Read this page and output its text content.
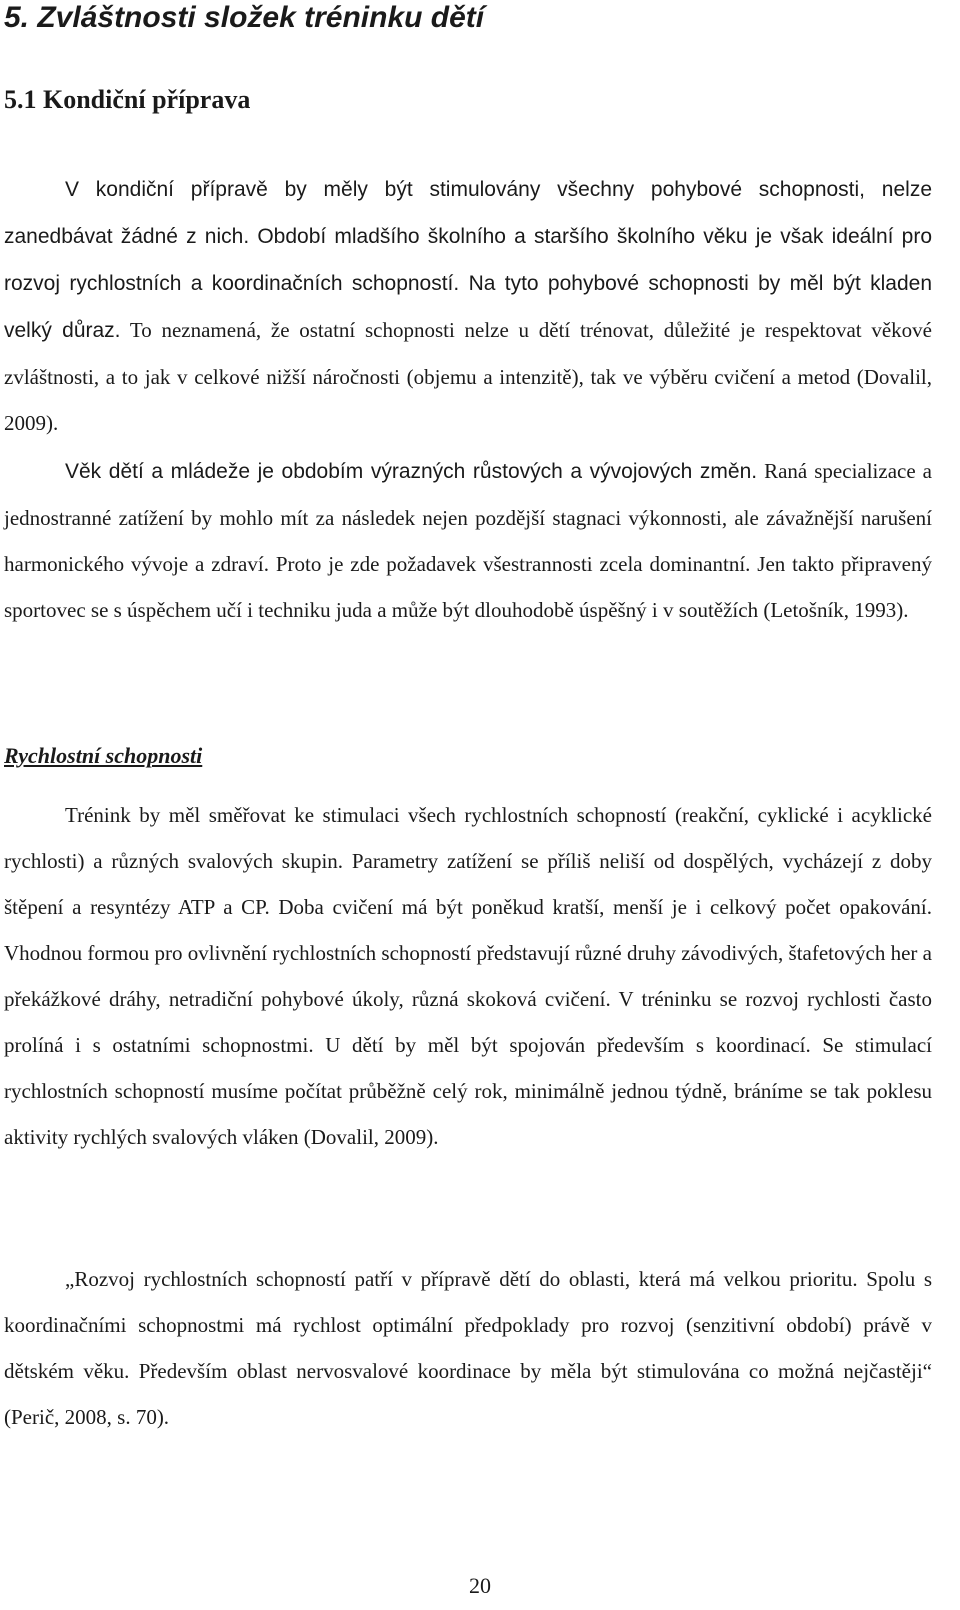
5. Zvláštnosti složek tréninku dětí
5.1 Kondiční příprava

V kondiční přípravě by měly být stimulovány všechny pohybové schopnosti, nelze zanedbávat žádné z nich. Období mladšího školního a staršího školního věku je však ideální pro rozvoj rychlostních a koordinačních schopností. Na tyto pohybové schopnosti by měl být kladen velký důraz. To neznamená, že ostatní schopnosti nelze u dětí trénovat, důležité je respektovat věkové zvláštnosti, a to jak v celkové nižší náročnosti (objemu a intenzitě), tak ve výběru cvičení a metod (Dovalil, 2009).

Věk dětí a mládeže je obdobím výrazných růstových a vývojových změn. Raná specializace a jednostranné zatížení by mohlo mít za následek nejen pozdější stagnaci výkonnosti, ale závažnější narušení harmonického vývoje a zdraví. Proto je zde požadavek všestrannosti zcela dominantní. Jen takto připravený sportovec se s úspěchem učí i techniku juda a může být dlouhodobě úspěšný i v soutěžích (Letošník, 1993).

Rychlostní schopnosti

Trénink by měl směřovat ke stimulaci všech rychlostních schopností (reakční, cyklické i acyklické rychlosti) a různých svalových skupin. Parametry zatížení se příliš neliší od dospělých, vycházejí z doby štěpení a resyntézy ATP a CP. Doba cvičení má být poněkud kratší, menší je i celkový počet opakování. Vhodnou formou pro ovlivnění rychlostních schopností představují různé druhy závodivých, štafetových her a překážkové dráhy, netradiční pohybové úkoly, různá skoková cvičení. V tréninku se rozvoj rychlosti často prolíná i s ostatními schopnostmi. U dětí by měl být spojován především s koordinací. Se stimulací rychlostních schopností musíme počítat průběžně celý rok, minimálně jednou týdně, bráníme se tak poklesu aktivity rychlých svalových vláken (Dovalil, 2009).

„Rozvoj rychlostních schopností patří v přípravě dětí do oblasti, která má velkou prioritu. Spolu s koordinačními schopnostmi má rychlost optimální předpoklady pro rozvoj (senzitivní období) právě v dětském věku. Především oblast nervosvalové koordinace by měla být stimulována co možná nejčastěji“ (Perič, 2008, s. 70).

20
